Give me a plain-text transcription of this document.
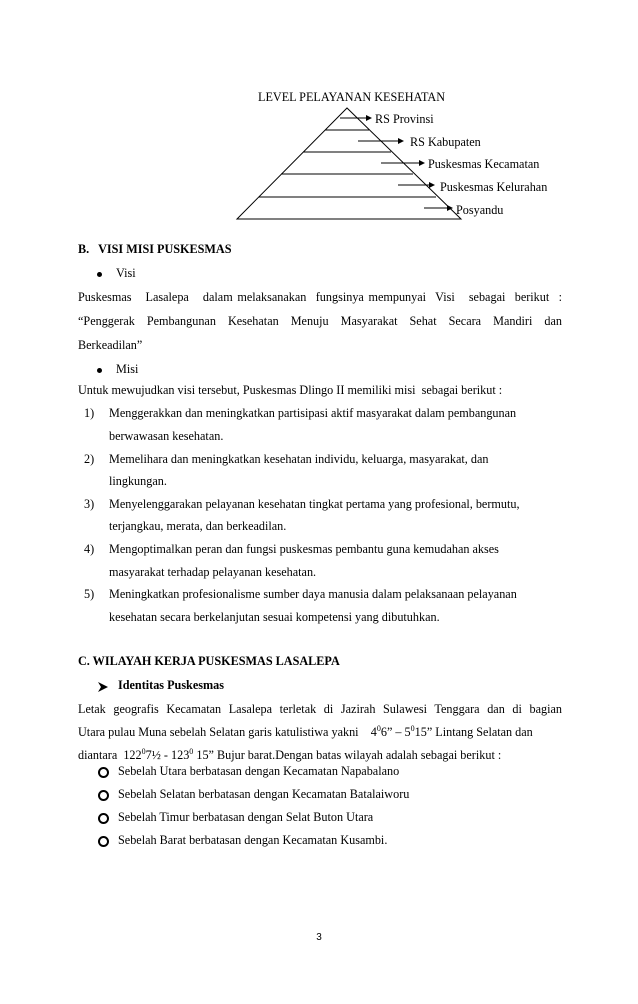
LEVEL PELAYANAN KESEHATAN
RS Provinsi
RS Kabupaten
Puskesmas Kecamatan
Puskesmas Kelurahan
Posyandu
B.   VISI MISI PUSKESMAS
Visi
Puskesmas   Lasalepa   dalam melaksanakan  fungsinya mempunyai  Visi   sebagai  berikut  :
“Penggerak   Pembangunan   Kesehatan   Menuju   Masyarakat   Sehat   Secara   Mandiri   dan
Berkeadilan”
Misi
Untuk mewujudkan visi tersebut, Puskesmas Dlingo II memiliki misi  sebagai berikut :
1) Menggerakkan dan meningkatkan partisipasi aktif masyarakat dalam pembangunan
berwawasan kesehatan.
2) Memelihara dan meningkatkan kesehatan individu, keluarga, masyarakat, dan
lingkungan.
3) Menyelenggarakan pelayanan kesehatan tingkat pertama yang profesional, bermutu,
terjangkau, merata, dan berkeadilan.
4) Mengoptimalkan peran dan fungsi puskesmas pembantu guna kemudahan akses
masyarakat terhadap pelayanan kesehatan.
5) Meningkatkan profesionalisme sumber daya manusia dalam pelaksanaan pelayanan
kesehatan secara berkelanjutan sesuai kompetensi yang dibutuhkan.
C. WILAYAH KERJA PUSKESMAS LASALEPA
Identitas Puskesmas
Letak geografis Kecamatan Lasalepa terletak di Jazirah Sulawesi Tenggara dan di bagian
Utara pulau Muna sebelah Selatan garis katulistiwa yakni    $4^06$” – $5^015$” Lintang Selatan dan
diantara  $122^07\frac{1}{2} - 123^0$ 15” Bujur barat.Dengan batas wilayah adalah sebagai berikut :
Sebelah Utara berbatasan dengan Kecamatan Napabalano
Sebelah Selatan berbatasan dengan Kecamatan Batalaiworu
Sebelah Timur berbatasan dengan Selat Buton Utara
Sebelah Barat berbatasan dengan Kecamatan Kusambi.
3
